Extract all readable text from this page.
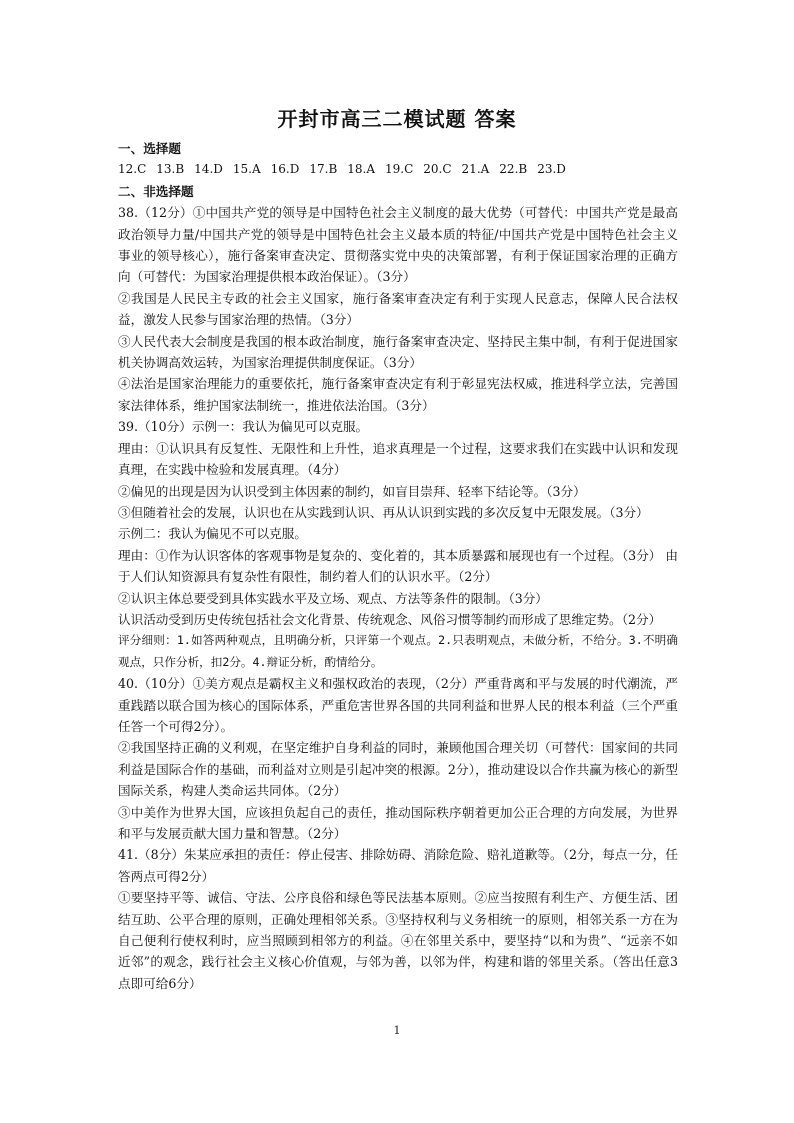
开封市高三二模试题 答案

一、选择题

12.C 13.B 14.D 15.A 16.D 17.B 18.A 19.C 20.C 21.A 22.B 23.D

二、非选择题

38.（12分）①中国共产党的领导是中国特色社会主义制度的最大优势（可替代：中国共产党是最高政治领导力量/中国共产党的领导是中国特色社会主义最本质的特征/中国共产党是中国特色社会主义事业的领导核心），施行备案审查决定、贯彻落实党中央的决策部署，有利于保证国家治理的正确方向（可替代：为国家治理提供根本政治保证）。（3分）

②我国是人民民主专政的社会主义国家，施行备案审查决定有利于实现人民意志，保障人民合法权益，激发人民参与国家治理的热情。（3分）

③人民代表大会制度是我国的根本政治制度，施行备案审查决定、坚持民主集中制，有利于促进国家机关协调高效运转，为国家治理提供制度保证。（3分）

④法治是国家治理能力的重要依托，施行备案审查决定有利于彰显宪法权威，推进科学立法，完善国家法律体系，维护国家法制统一，推进依法治国。（3分）

39.（10分）示例一：我认为偏见可以克服。

理由：①认识具有反复性、无限性和上升性，追求真理是一个过程，这要求我们在实践中认识和发现真理，在实践中检验和发展真理。（4分）

②偏见的出现是因为认识受到主体因素的制约，如盲目崇拜、轻率下结论等。（3分）

③但随着社会的发展，认识也在从实践到认识、再从认识到实践的多次反复中无限发展。（3分）

示例二：我认为偏见不可以克服。

理由：①作为认识客体的客观事物是复杂的、变化着的，其本质暴露和展现也有一个过程。（3分） 由于人们认知资源具有复杂性有限性，制约着人们的认识水平。（2分）

②认识主体总要受到具体实践水平及立场、观点、方法等条件的限制。（3分）

认识活动受到历史传统包括社会文化背景、传统观念、风俗习惯等制约而形成了思维定势。（2分）

评分细则：1.如答两种观点，且明确分析，只评第一个观点。2.只表明观点，未做分析，不给分。3.不明确观点，只作分析，扣2分。4.辩证分析，酌情给分。

40.（10分）①美方观点是霸权主义和强权政治的表现，（2分）严重背离和平与发展的时代潮流，严重践踏以联合国为核心的国际体系，严重危害世界各国的共同利益和世界人民的根本利益（三个严重任答一个可得2分）。

②我国坚持正确的义利观，在坚定维护自身利益的同时，兼顾他国合理关切（可替代：国家间的共同利益是国际合作的基础，而利益对立则是引起冲突的根源。2分），推动建设以合作共赢为核心的新型国际关系，构建人类命运共同体。（2分）

③中美作为世界大国，应该担负起自己的责任，推动国际秩序朝着更加公正合理的方向发展，为世界和平与发展贡献大国力量和智慧。（2分）

41.（8分）朱某应承担的责任：停止侵害、排除妨碍、消除危险、赔礼道歉等。（2分，每点一分，任答两点可得2分）

①要坚持平等、诚信、守法、公序良俗和绿色等民法基本原则。②应当按照有利生产、方便生活、团结互助、公平合理的原则，正确处理相邻关系。③坚持权利与义务相统一的原则，相邻关系一方在为自己便利行使权利时，应当照顾到相邻方的利益。④在邻里关系中，要坚持“以和为贵”、“远亲不如近邻”的观念，践行社会主义核心价值观，与邻为善，以邻为伴，构建和谐的邻里关系。（答出任意3点即可给6分）

1
